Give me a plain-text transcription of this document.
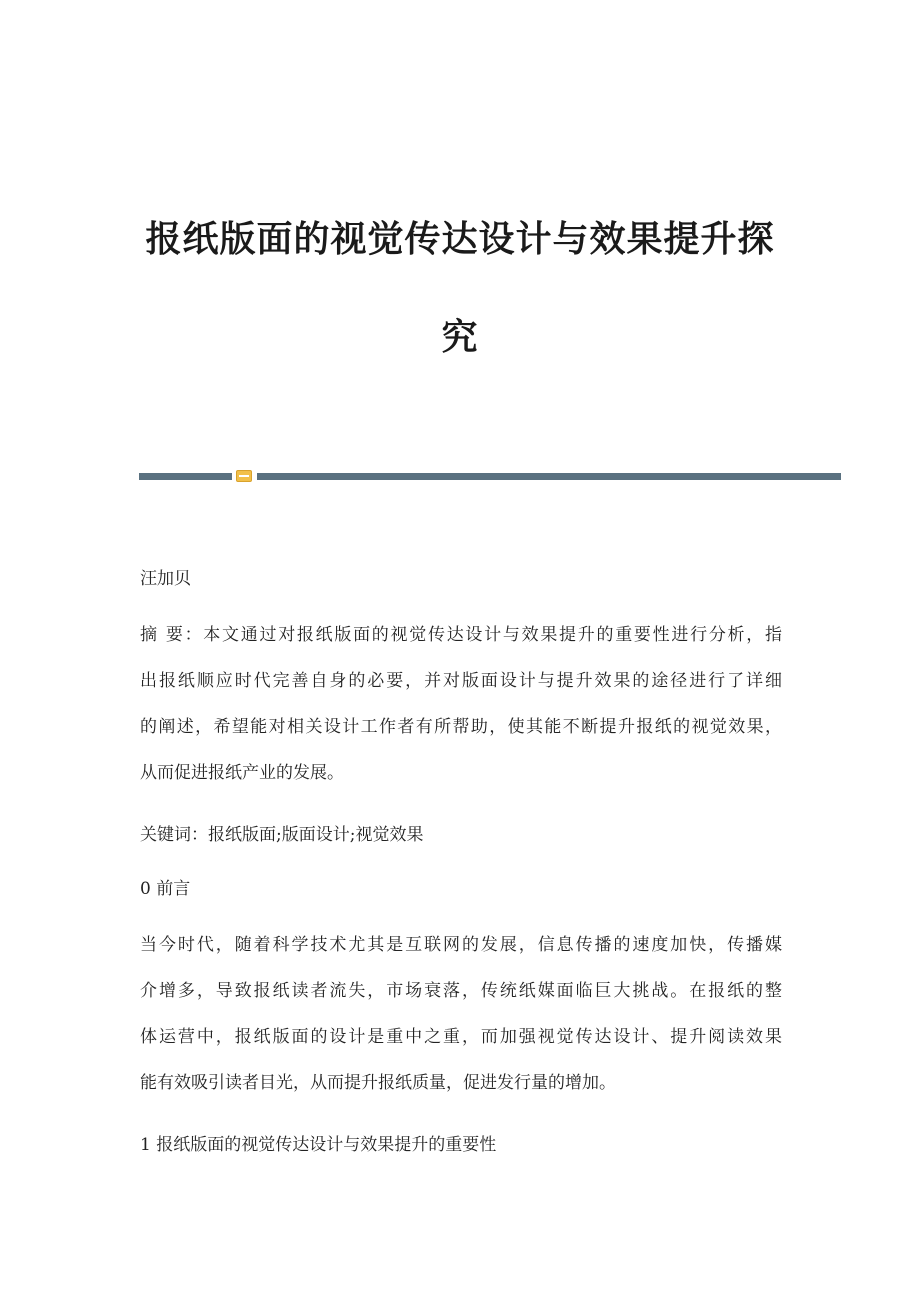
报纸版面的视觉传达设计与效果提升探
究
汪加贝
摘 要：本文通过对报纸版面的视觉传达设计与效果提升的重要性进行分析，指
出报纸顺应时代完善自身的必要，并对版面设计与提升效果的途径进行了详细
的阐述，希望能对相关设计工作者有所帮助，使其能不断提升报纸的视觉效果，
从而促进报纸产业的发展。
关键词：报纸版面;版面设计;视觉效果
0 前言
当今时代，随着科学技术尤其是互联网的发展，信息传播的速度加快，传播媒
介增多，导致报纸读者流失，市场衰落，传统纸媒面临巨大挑战。在报纸的整
体运营中，报纸版面的设计是重中之重，而加强视觉传达设计、提升阅读效果
能有效吸引读者目光，从而提升报纸质量，促进发行量的增加。
1 报纸版面的视觉传达设计与效果提升的重要性
